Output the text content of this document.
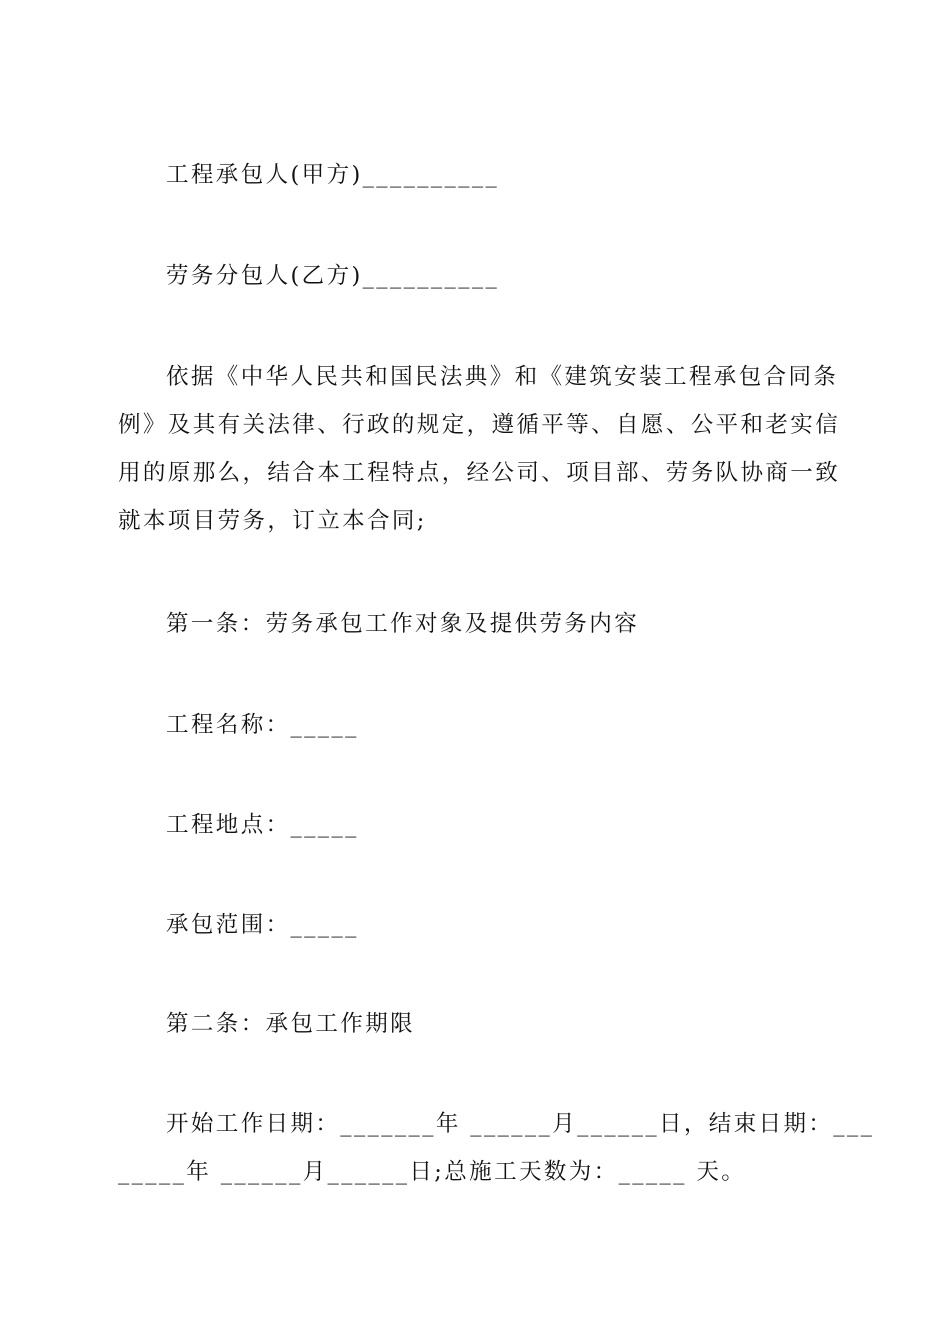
工程承包人(甲方)__________
劳务分包人(乙方)__________
依据《中华人民共和国民法典》和《建筑安装工程承包合同条
例》及其有关法律、行政的规定，遵循平等、自愿、公平和老实信
用的原那么，结合本工程特点，经公司、项目部、劳务队协商一致
就本项目劳务，订立本合同;
第一条：劳务承包工作对象及提供劳务内容
工程名称：_____
工程地点：_____
承包范围：_____
第二条：承包工作期限
开始工作日期：_______年 ______月______日，结束日期：___
_____年 ______月______日;总施工天数为：_____ 天。
